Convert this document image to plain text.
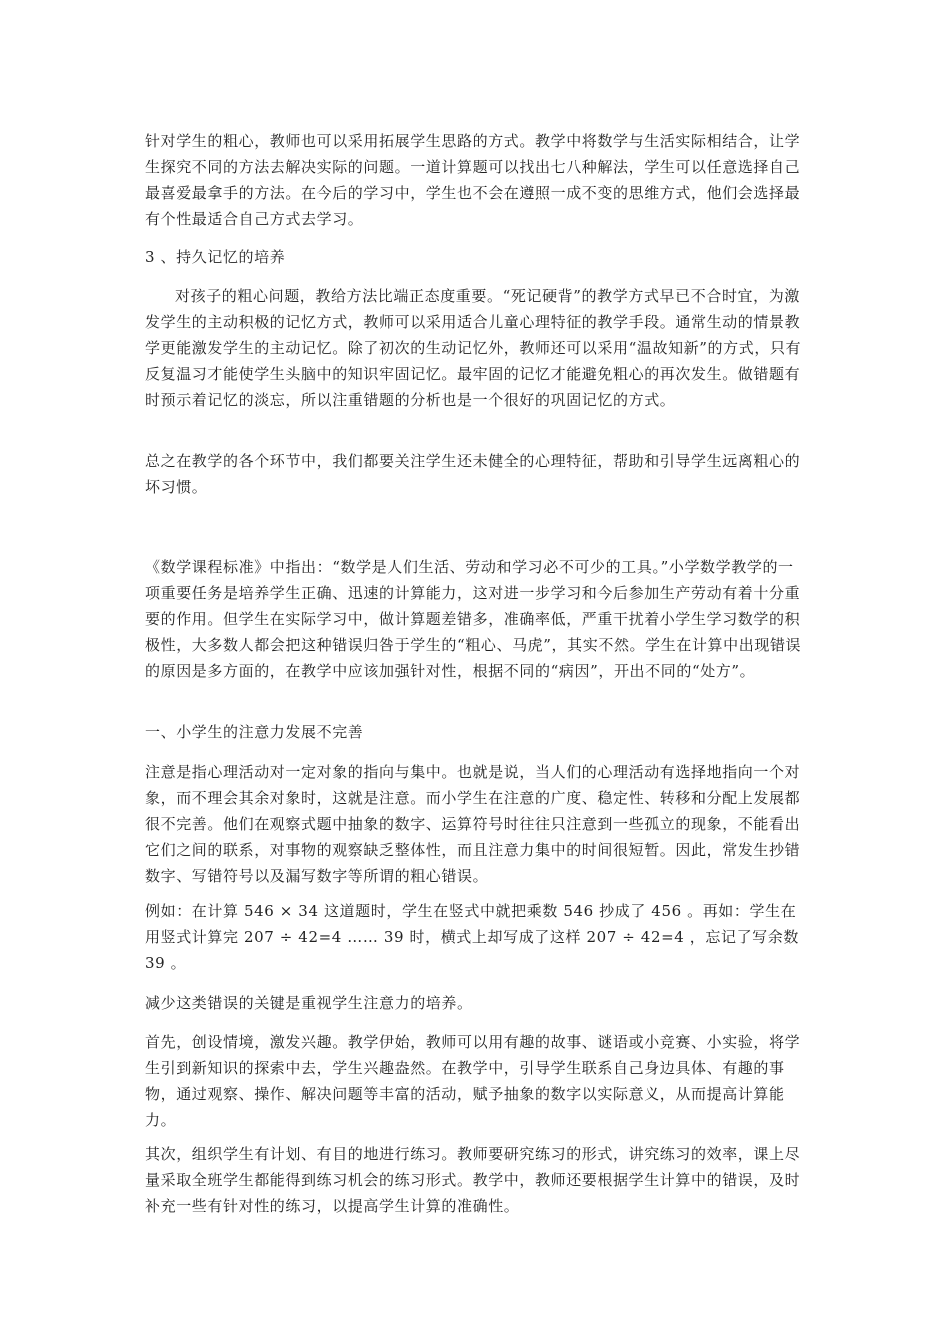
针对学生的粗心，教师也可以采用拓展学生思路的方式。教学中将数学与生活实际相结合，让学生探究不同的方法去解决实际的问题。一道计算题可以找出七八种解法，学生可以任意选择自己最喜爱最拿手的方法。在今后的学习中，学生也不会在遵照一成不变的思维方式，他们会选择最有个性最适合自己方式去学习。

3 、持久记忆的培养

对孩子的粗心问题，教给方法比端正态度重要。“死记硬背”的教学方式早已不合时宜，为激发学生的主动积极的记忆方式，教师可以采用适合儿童心理特征的教学手段。通常生动的情景教学更能激发学生的主动记忆。除了初次的生动记忆外，教师还可以采用“温故知新”的方式，只有反复温习才能使学生头脑中的知识牢固记忆。最牢固的记忆才能避免粗心的再次发生。做错题有时预示着记忆的淡忘，所以注重错题的分析也是一个很好的巩固记忆的方式。

总之在教学的各个环节中，我们都要关注学生还未健全的心理特征，帮助和引导学生远离粗心的坏习惯。

《数学课程标准》中指出：“数学是人们生活、劳动和学习必不可少的工具。”小学数学教学的一项重要任务是培养学生正确、迅速的计算能力，这对进一步学习和今后参加生产劳动有着十分重要的作用。但学生在实际学习中，做计算题差错多，准确率低，严重干扰着小学生学习数学的积极性，大多数人都会把这种错误归咎于学生的“粗心、马虎”，其实不然。学生在计算中出现错误的原因是多方面的，在教学中应该加强针对性，根据不同的“病因”，开出不同的“处方”。

一、小学生的注意力发展不完善

注意是指心理活动对一定对象的指向与集中。也就是说，当人们的心理活动有选择地指向一个对象，而不理会其余对象时，这就是注意。而小学生在注意的广度、稳定性、转移和分配上发展都很不完善。他们在观察式题中抽象的数字、运算符号时往往只注意到一些孤立的现象，不能看出它们之间的联系，对事物的观察缺乏整体性，而且注意力集中的时间很短暂。因此，常发生抄错数字、写错符号以及漏写数字等所谓的粗心错误。

例如：在计算 546 × 34 这道题时，学生在竖式中就把乘数 546 抄成了 456 。再如：学生在用竖式计算完 207 ÷ 42=4 …… 39 时，横式上却写成了这样 207 ÷ 42=4 ，忘记了写余数 39 。

减少这类错误的关键是重视学生注意力的培养。

首先，创设情境，激发兴趣。教学伊始，教师可以用有趣的故事、谜语或小竞赛、小实验，将学生引到新知识的探索中去，学生兴趣盎然。在教学中，引导学生联系自己身边具体、有趣的事物，通过观察、操作、解决问题等丰富的活动，赋予抽象的数字以实际意义，从而提高计算能力。

其次，组织学生有计划、有目的地进行练习。教师要研究练习的形式，讲究练习的效率，课上尽量采取全班学生都能得到练习机会的练习形式。教学中，教师还要根据学生计算中的错误，及时补充一些有针对性的练习，以提高学生计算的准确性。
